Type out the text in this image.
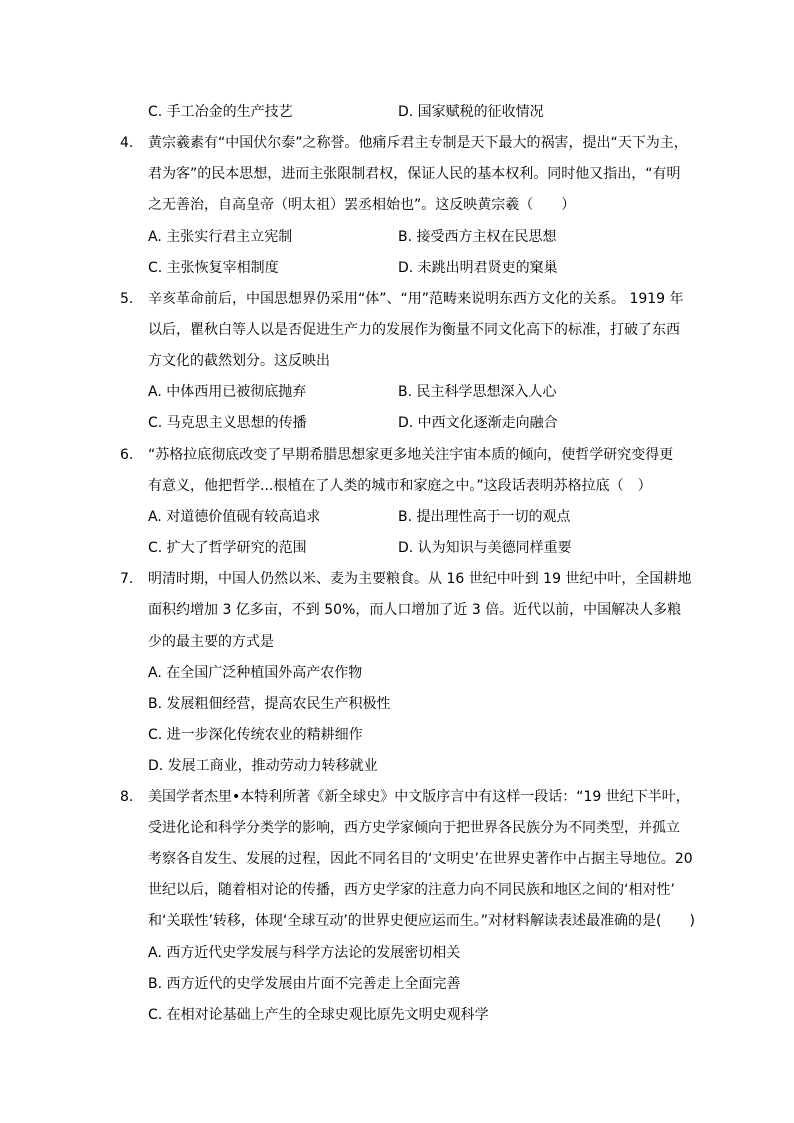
C. 手工冶金的生产技艺	D. 国家赋税的征收情况
4. 黄宗羲素有“中国伏尔泰”之称誉。他痛斥君主专制是天下最大的祸害，提出“天下为主，
君为客”的民本思想，进而主张限制君权，保证人民的基本权利。同时他又指出，“有明
之无善治，自高皇帝（明太祖）罢丞相始也”。这反映黄宗羲（　　）
A. 主张实行君主立宪制	B. 接受西方主权在民思想
C. 主张恢复宰相制度	D. 未跳出明君贤吏的窠巢
5. 辛亥革命前后，中国思想界仍采用“体”、“用”范畴来说明东西方文化的关系。 1919 年
以后，瞿秋白等人以是否促进生产力的发展作为衡量不同文化高下的标准，打破了东西
方文化的截然划分。这反映出
A. 中体西用已被彻底抛弃	B. 民主科学思想深入人心
C. 马克思主义思想的传播	D. 中西文化逐渐走向融合
6. “苏格拉底彻底改变了早期希腊思想家更多地关注宇宙本质的倾向，使哲学研究变得更
有意义，他把哲学...根植在了人类的城市和家庭之中。”这段话表明苏格拉底（　）
A. 对道德价值砚有较高追求	B. 提出理性高于一切的观点
C. 扩大了哲学研究的范围	D. 认为知识与美德同样重要
7. 明清时期，中国人仍然以米、麦为主要粮食。从 16 世纪中叶到 19 世纪中叶，全国耕地
面积约增加 3 亿多亩，不到 50%，而人口增加了近 3 倍。近代以前，中国解决人多粮
少的最主要的方式是
A. 在全国广泛种植国外高产农作物
B. 发展粗佃经营，提高农民生产积极性
C. 进一步深化传统农业的精耕细作
D. 发展工商业，推动劳动力转移就业
8. 美国学者杰里•本特利所著《新全球史》中文版序言中有这样一段话：“19 世纪下半叶，
受进化论和科学分类学的影响，西方史学家倾向于把世界各民族分为不同类型，并孤立
考察各自发生、发展的过程，因此不同名目的‘文明史’在世界史著作中占据主导地位。20
世纪以后，随着相对论的传播，西方史学家的注意力向不同民族和地区之间的‘相对性’
和‘关联性’转移，体现‘全球互动’的世界史便应运而生。”对材料解读表述最准确的是(　　)
A. 西方近代史学发展与科学方法论的发展密切相关
B. 西方近代的史学发展由片面不完善走上全面完善
C. 在相对论基础上产生的全球史观比原先文明史观科学
